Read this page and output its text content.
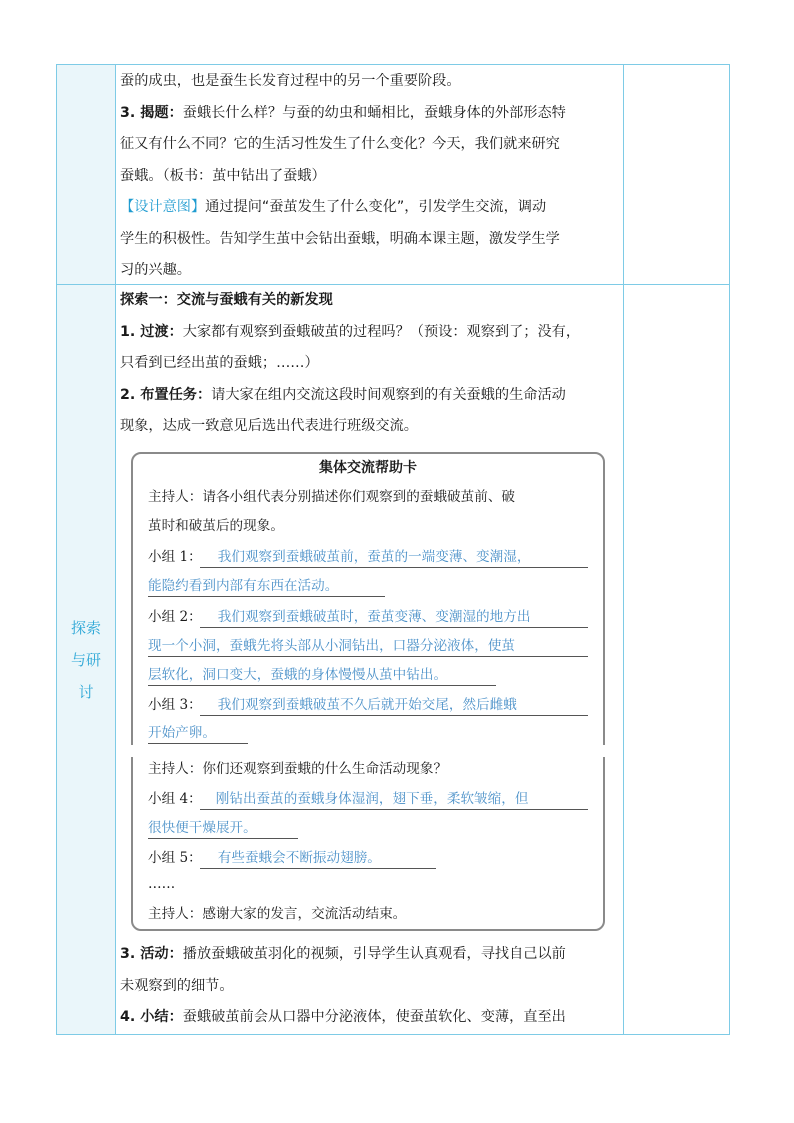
蚕的成虫，也是蚕生长发育过程中的另一个重要阶段。

3. 揭题：蚕蛾长什么样？与蚕的幼虫和蛹相比，蚕蛾身体的外部形态特

征又有什么不同？它的生活习性发生了什么变化？今天，我们就来研究

蚕蛾。（板书：茧中钻出了蚕蛾）

【设计意图】通过提问“蚕茧发生了什么变化”，引发学生交流，调动

学生的积极性。告知学生茧中会钻出蚕蛾，明确本课主题，激发学生学

习的兴趣。

探索
与研
讨

探索一：交流与蚕蛾有关的新发现

1. 过渡：大家都有观察到蚕蛾破茧的过程吗？（预设：观察到了；没有，

只看到已经出茧的蚕蛾；……）

2. 布置任务：请大家在组内交流这段时间观察到的有关蚕蛾的生命活动

现象，达成一致意见后选出代表进行班级交流。

集体交流帮助卡
主持人：请各小组代表分别描述你们观察到的蚕蛾破茧前、破
茧时和破茧后的现象。
小组 1： 我们观察到蚕蛾破茧前，蚕茧的一端变薄、变潮湿，
能隐约看到内部有东西在活动。
小组 2： 我们观察到蚕蛾破茧时，蚕茧变薄、变潮湿的地方出
现一个小洞，蚕蛾先将头部从小洞钻出，口器分泌液体，使茧
层软化，洞口变大，蚕蛾的身体慢慢从茧中钻出。
小组 3： 我们观察到蚕蛾破茧不久后就开始交尾，然后雌蛾
开始产卵。
主持人：你们还观察到蚕蛾的什么生命活动现象？
小组 4： 刚钻出蚕茧的蚕蛾身体湿润，翅下垂，柔软皱缩，但
很快便干燥展开。
小组 5： 有些蚕蛾会不断振动翅膀。
……
主持人：感谢大家的发言，交流活动结束。

3. 活动：播放蚕蛾破茧羽化的视频，引导学生认真观看，寻找自己以前

未观察到的细节。

4. 小结：蚕蛾破茧前会从口器中分泌液体，使蚕茧软化、变薄，直至出
